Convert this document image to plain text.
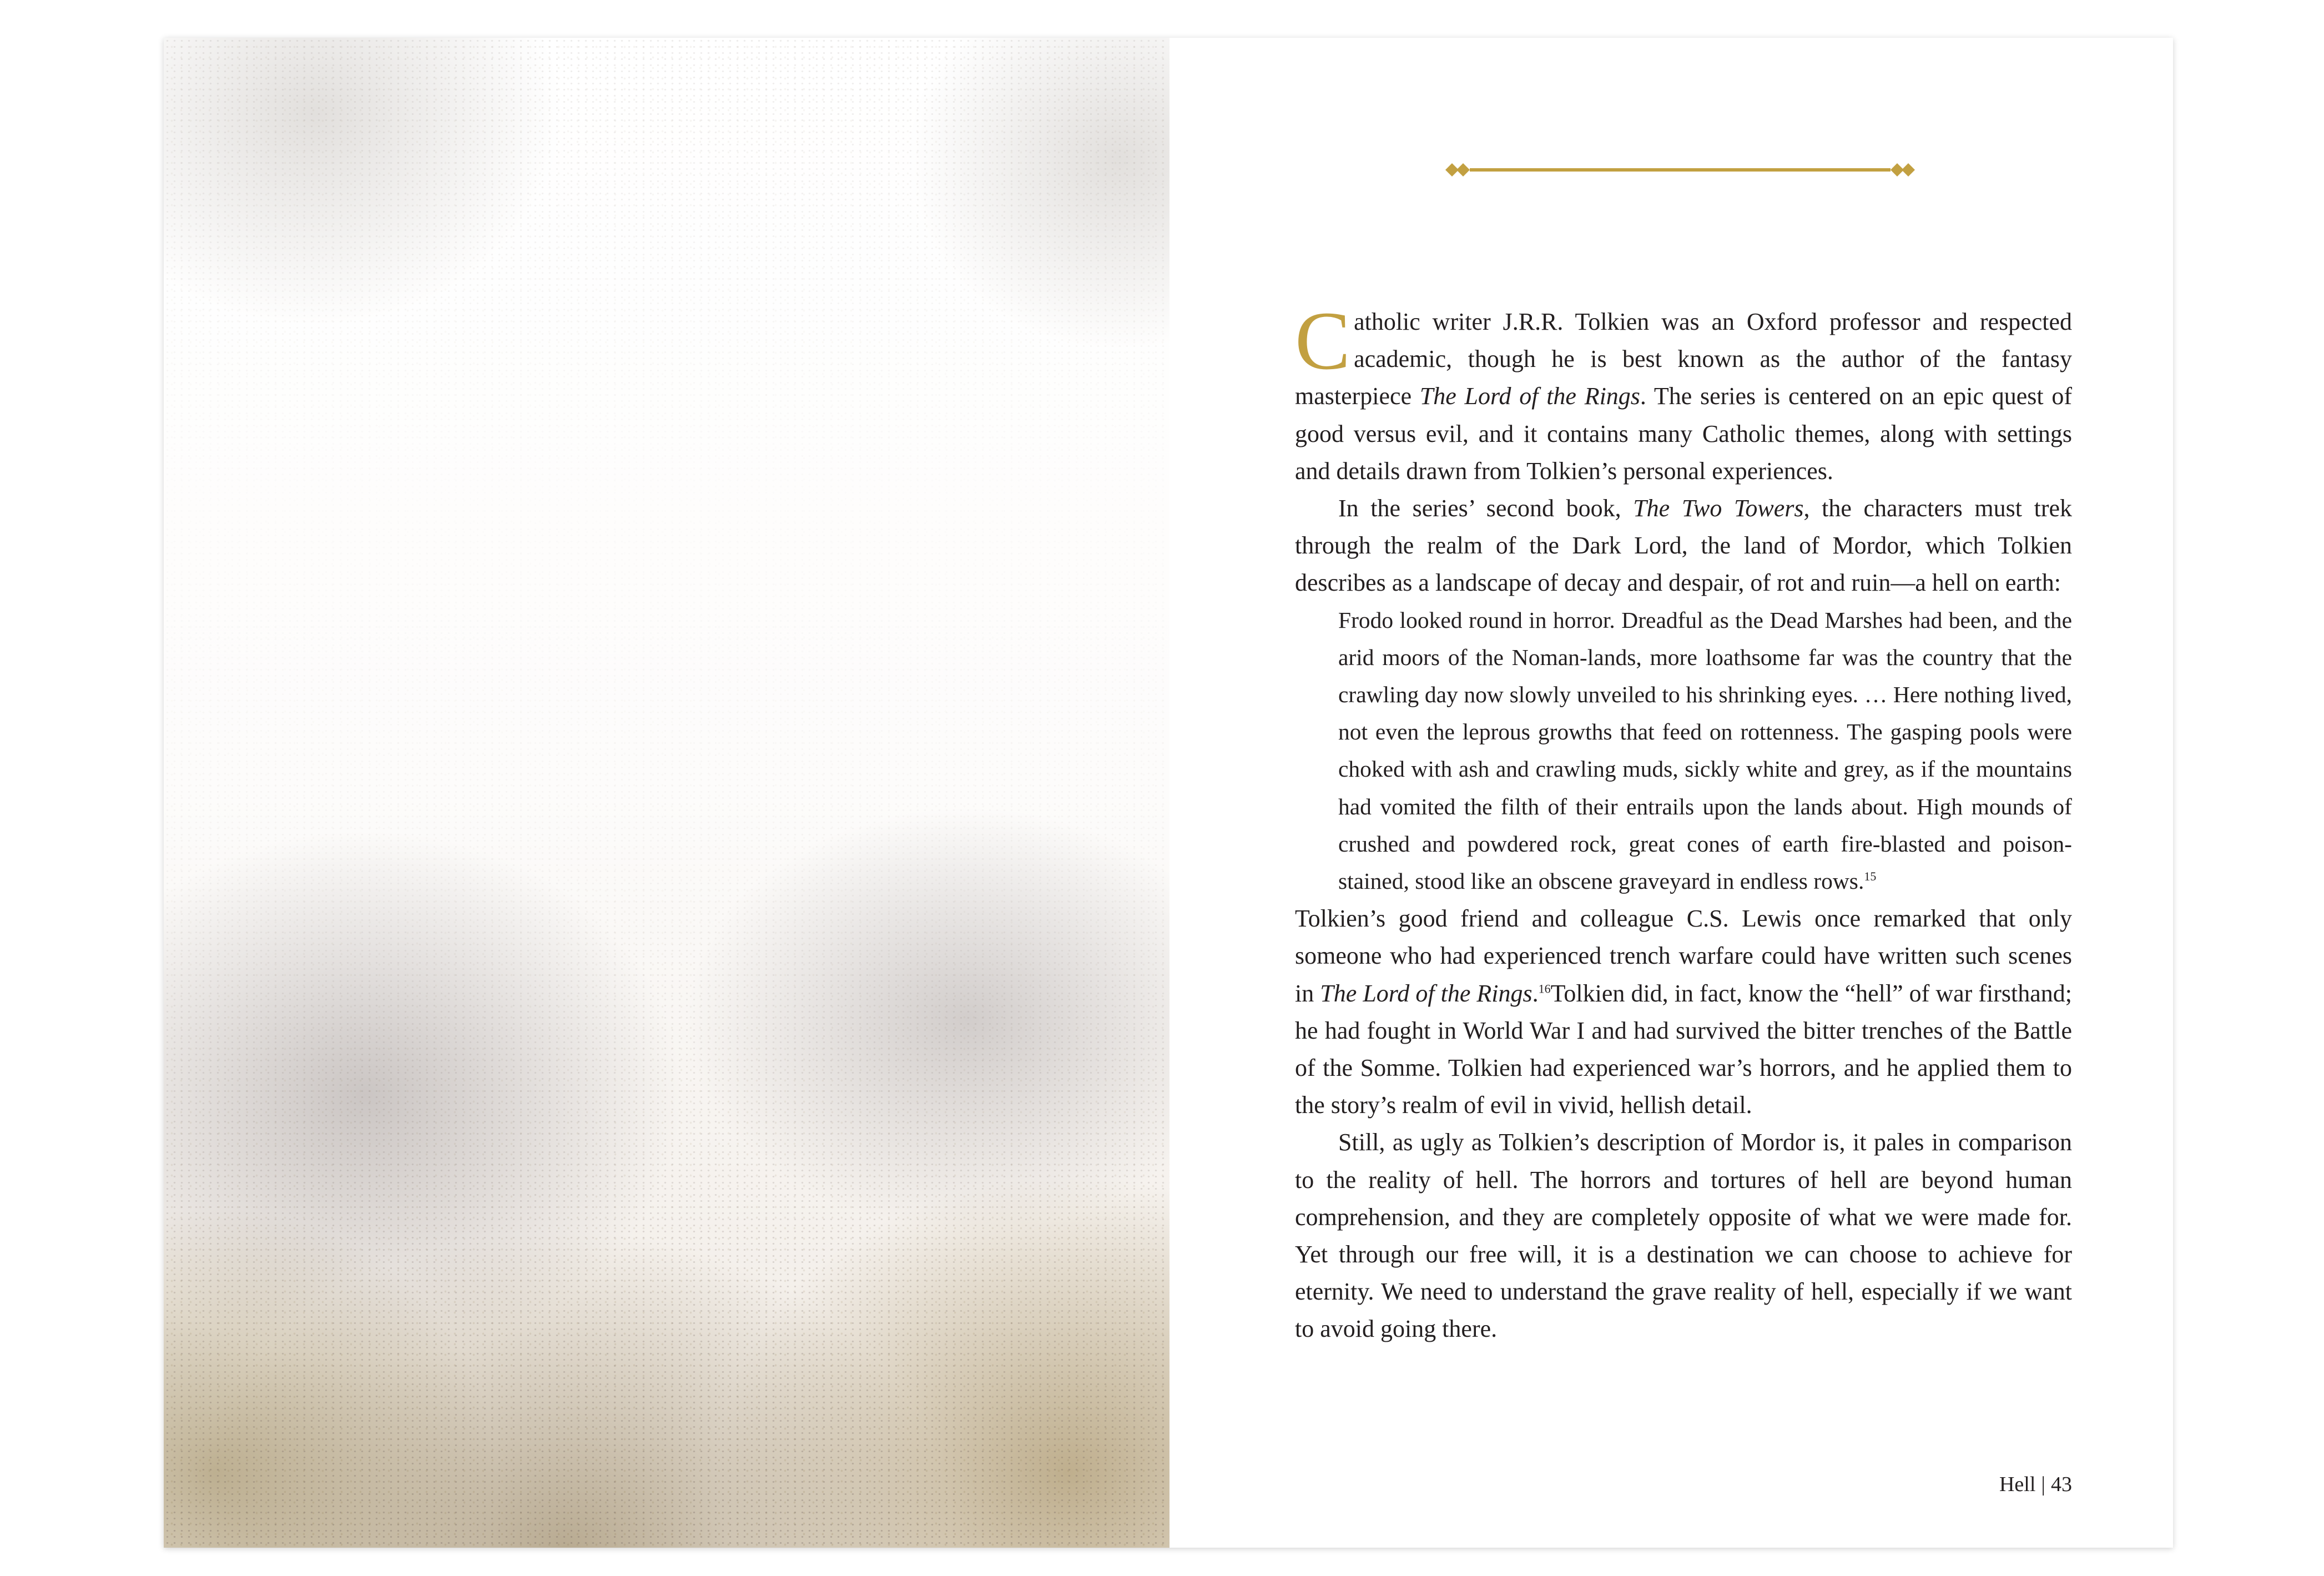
Catholic writer J.R.R. Tolkien was an Oxford professor and respected academic, though he is best known as the author of the fantasy masterpiece The Lord of the Rings. The series is centered on an epic quest of good versus evil, and it contains many Catholic themes, along with settings and details drawn from Tolkien’s personal experiences.

In the series’ second book, The Two Towers, the characters must trek through the realm of the Dark Lord, the land of Mordor, which Tolkien describes as a landscape of decay and despair, of rot and ruin—a hell on earth:

Frodo looked round in horror. Dreadful as the Dead Marshes had been, and the arid moors of the Noman-lands, more loathsome far was the country that the crawling day now slowly unveiled to his shrinking eyes. … Here nothing lived, not even the leprous growths that feed on rottenness. The gasping pools were choked with ash and crawling muds, sickly white and grey, as if the mountains had vomited the filth of their entrails upon the lands about. High mounds of crushed and powdered rock, great cones of earth fire-blasted and poison-stained, stood like an obscene graveyard in endless rows.$^{15}$

Tolkien’s good friend and colleague C.S. Lewis once remarked that only someone who had experienced trench warfare could have written such scenes in The Lord of the Rings.$^{16}$Tolkien did, in fact, know the “hell” of war firsthand; he had fought in World War I and had survived the bitter trenches of the Battle of the Somme. Tolkien had experienced war’s horrors, and he applied them to the story’s realm of evil in vivid, hellish detail.

Still, as ugly as Tolkien’s description of Mordor is, it pales in comparison to the reality of hell. The horrors and tortures of hell are beyond human comprehension, and they are completely opposite of what we were made for. Yet through our free will, it is a destination we can choose to achieve for eternity. We need to understand the grave reality of hell, especially if we want to avoid going there.

Hell | 43
